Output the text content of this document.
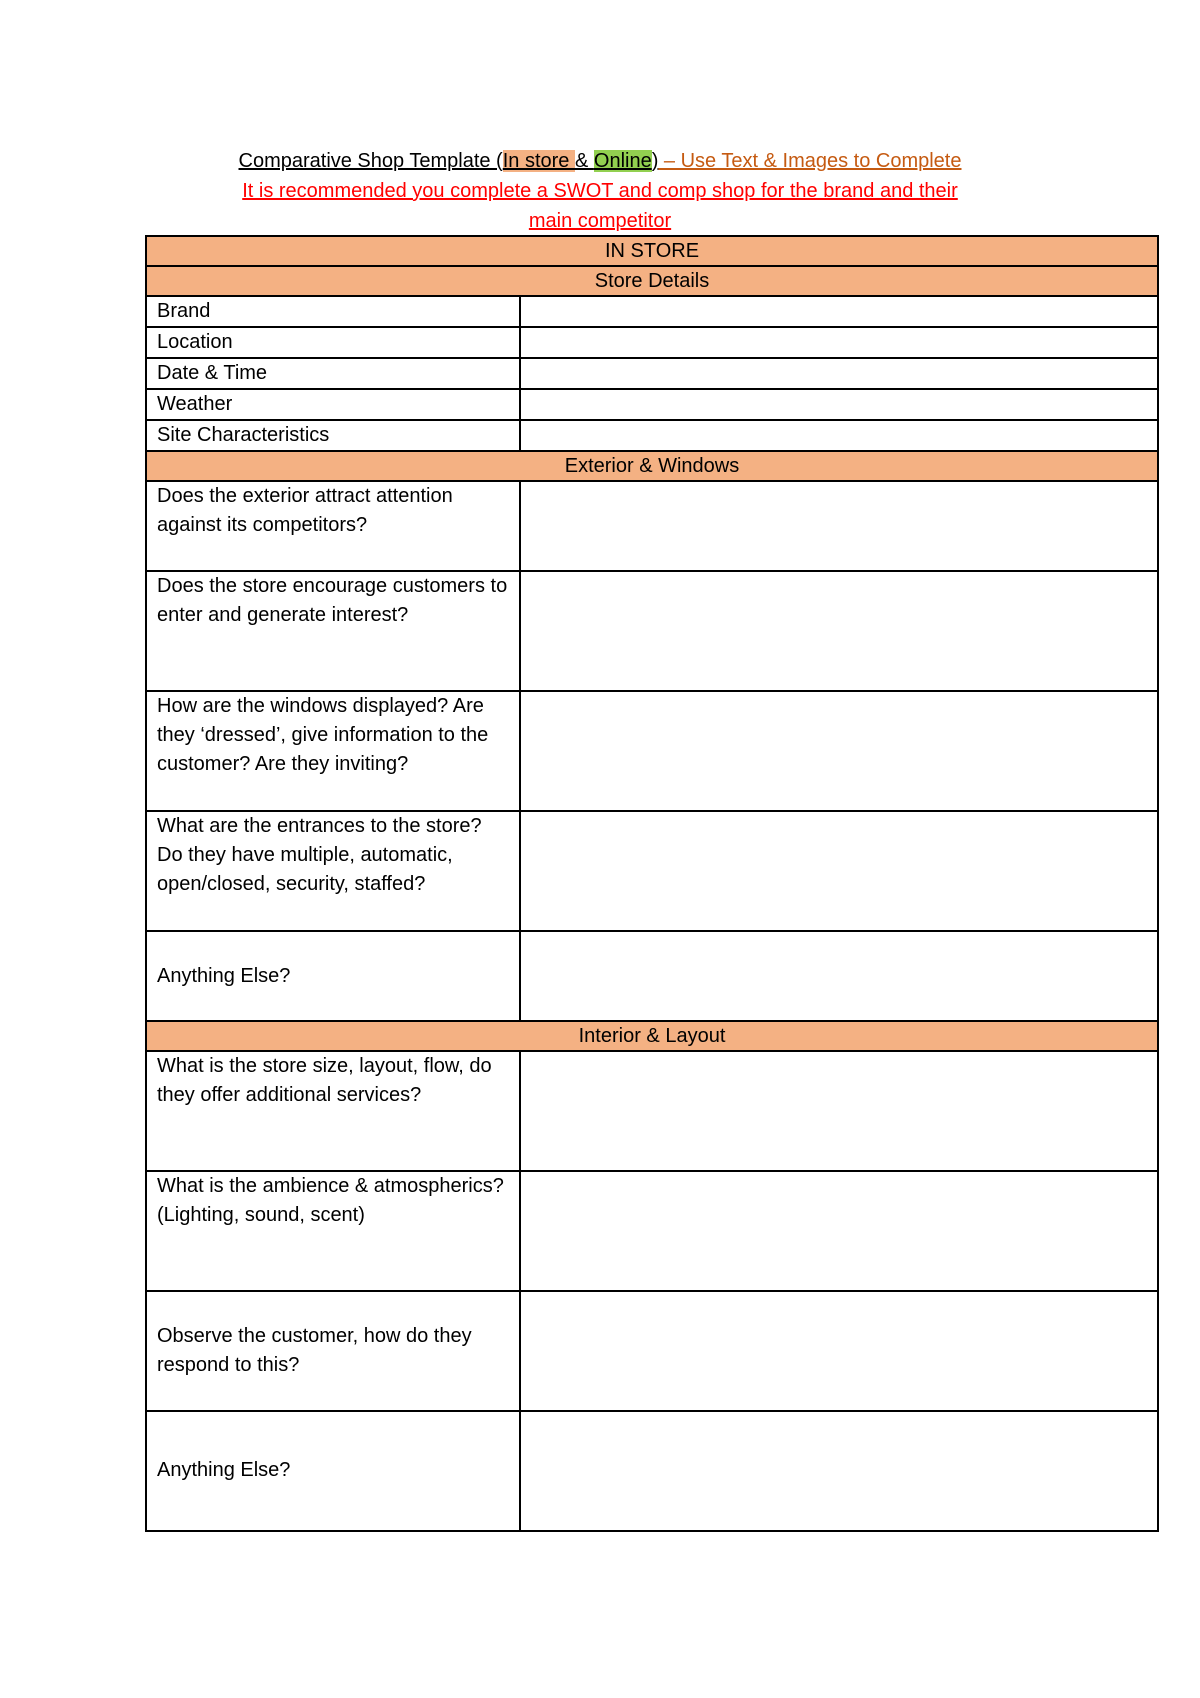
Comparative Shop Template (In store & Online) – Use Text & Images to Complete
It is recommended you complete a SWOT and comp shop for the brand and their main competitor
IN STORE	
Store Details	
Brand	
Location	
Date & Time	
Weather	
Site Characteristics	
Exterior & Windows	
Does the exterior attract attention against its competitors?	
Does the store encourage customers to enter and generate interest?	
How are the windows displayed? Are they ‘dressed’, give information to the customer? Are they inviting?	
What are the entrances to the store? Do they have multiple, automatic, open/closed, security, staffed?	
Anything Else?	
Interior & Layout	
What is the store size, layout, flow, do they offer additional services?	
What is the ambience & atmospherics? (Lighting, sound, scent)	
Observe the customer, how do they respond to this?	
Anything Else?	
